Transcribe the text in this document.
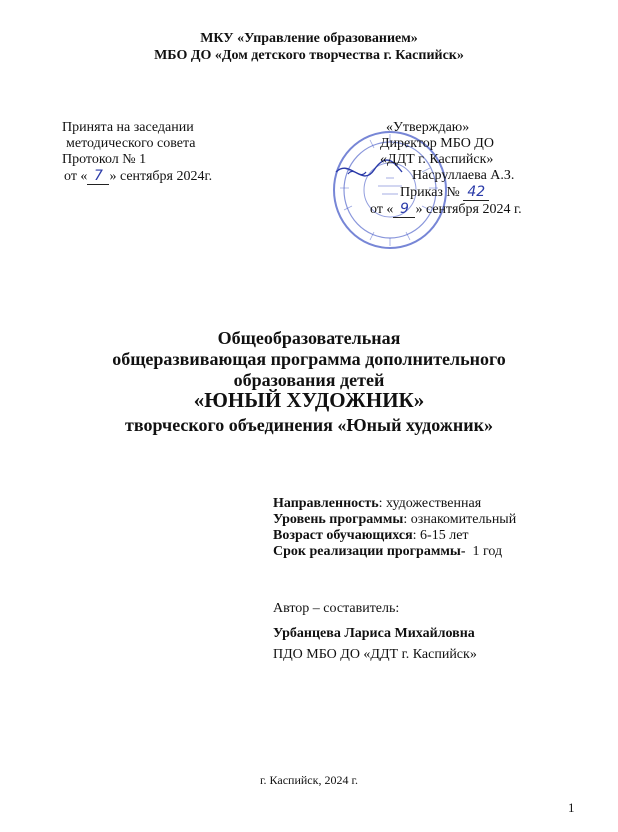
МКУ «Управление образованием»
МБО ДО «Дом детского творчества г. Каспийск»
Принята на заседании
методического совета
Протокол № 1
от « 7 » сентября 2024г.
«Утверждаю»
Директор МБО ДО
«ДДТ г. Каспийск»
Насруллаева А.З.
Приказ № 42
от « 9 » сентября 2024 г.
Общеобразовательная
общеразвивающая программа дополнительного
образования детей
«ЮНЫЙ ХУДОЖНИК»
творческого объединения «Юный художник»
Направленность: художественная
Уровень программы: ознакомительный
Возраст обучающихся: 6-15 лет
Срок реализации программы-  1 год
Автор – составитель:
Урбанцева Лариса Михайловна
ПДО МБО ДО «ДДТ г. Каспийск»
г. Каспийск, 2024 г.
1
